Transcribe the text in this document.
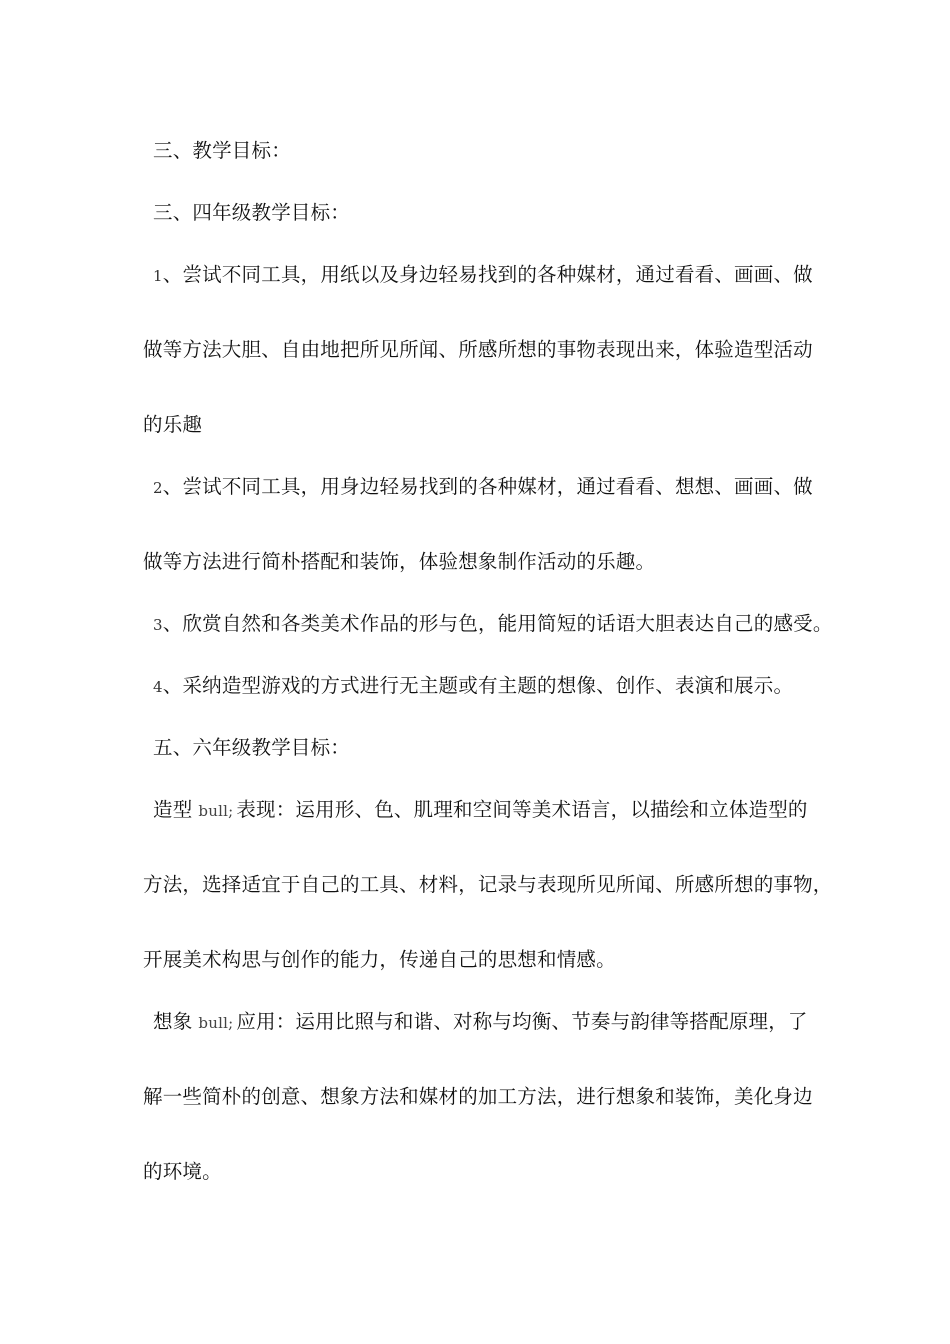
三、教学目标：
三、四年级教学目标：
1、尝试不同工具，用纸以及身边轻易找到的各种媒材，通过看看、画画、做
做等方法大胆、自由地把所见所闻、所感所想的事物表现出来，体验造型活动
的乐趣
2、尝试不同工具，用身边轻易找到的各种媒材，通过看看、想想、画画、做
做等方法进行简朴搭配和装饰，体验想象制作活动的乐趣。
3、欣赏自然和各类美术作品的形与色，能用简短的话语大胆表达自己的感受。
4、采纳造型游戏的方式进行无主题或有主题的想像、创作、表演和展示。
五、六年级教学目标：
造型 bull; 表现：运用形、色、肌理和空间等美术语言，以描绘和立体造型的
方法，选择适宜于自己的工具、材料，记录与表现所见所闻、所感所想的事物，
开展美术构思与创作的能力，传递自己的思想和情感。
想象 bull; 应用：运用比照与和谐、对称与均衡、节奏与韵律等搭配原理，了
解一些简朴的创意、想象方法和媒材的加工方法，进行想象和装饰，美化身边
的环境。
